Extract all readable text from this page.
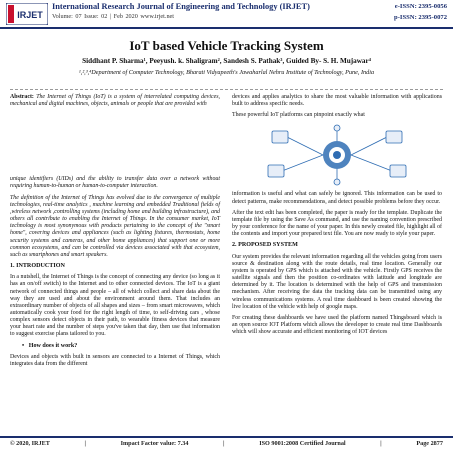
IRJET
International Research Journal of Engineering and Technology (IRJET)
Volume: 07 Issue: 02 | Feb 2020 www.irjet.net
e-ISSN: 2395-0056
p-ISSN: 2395-0072
IoT based Vehicle Tracking System
Siddhant P. Sharma¹, Peeyush. k. Shaligram², Sandesh S. Pathak³, Guided By- S. H. Mujawar⁴
¹,²,³,⁴Department of Computer Technology, Bharati Vidyapeeth's Jawaharlal Nehru Institute of Technology, Pune, India

Abstract: The Internet of Things (IoT) is a system of interrelated computing devices, mechanical and digital machines, objects, animals or people that are provided with

unique identifiers (UIDs) and the ability to transfer data over a network without requiring human-to-human or human-to-computer interaction.

The definition of the Internet of Things has evolved due to the convergence of multiple technologies, real-time analytics , machine learning and embedded Traditional fields of ,wireless network ,controlling systems (including home and building infrastructure), and others all contribute to enabling the Internet of Things. In the consumer market, IoT technology is most synonymous with products pertaining to the concept of the "smart home", covering devices and appliances (such as lighting fixtures, thermostats, home security systems and cameras, and other home appliances) that support one or more common ecosystems, and can be controlled via devices associated with that ecosystem, such as smartphones and smart speakers.

1. INTRODUCTION

In a nutshell, the Internet of Things is the concept of connecting any device (so long as it has an on/off switch) to the Internet and to other connected devices. The IoT is a giant network of connected things and people – all of which collect and share data about the way they are used and about the environment around them. That includes an extraordinary number of objects of all shapes and sizes – from smart microwaves, which automatically cook your food for the right length of time, to self-driving cars , whose complex sensors detect objects in their path, to wearable fitness devices that measure your heart rate and the number of steps you've taken that day, then use that information to suggest exercise plans tailored to you.

•   How does it work?

Devices and objects with built in sensors are connected to a Internet of Things, which integrates data from the different

devices and applies analytics to share the most valuable information with applications built to address specific needs.

These powerful IoT platforms can pinpoint exactly what

information is useful and what can safely be ignored. This information can be used to detect patterns, make recommendations, and detect possible problems before they occur.

After the text edit has been completed, the paper is ready for the template. Duplicate the template file by using the Save As command, and use the naming convention prescribed by your conference for the name of your paper. In this newly created file, highlight all of the contents and import your prepared text file. You are now ready to style your paper.

2. PROPOSED SYSTEM

Our system provides the relevant information regarding all the vehicles going from users source & destination along with the route details, real time location. Generally our system is operated by GPS which is attached with the vehicle. Firstly GPS receives the satellite signals and then the position co-ordinates with latitude and longitude are determined by it. The location is determined with the help of GPS and transmission mechanism. After receiving the data the tracking data can be transmitted using any wireless communications systems. A real time dashboard is been created showing the live location of the vehicle with help of google maps.

For creating these dashboards we have used the platform named Thingsboard which is an open source IOT Platform which allows the developer to create real time Dashboards which will show accurate and efficient monitoring of IOT devices

© 2020, IRJET	|	Impact Factor value: 7.34	|	ISO 9001:2008 Certified Journal	|	Page 2877
